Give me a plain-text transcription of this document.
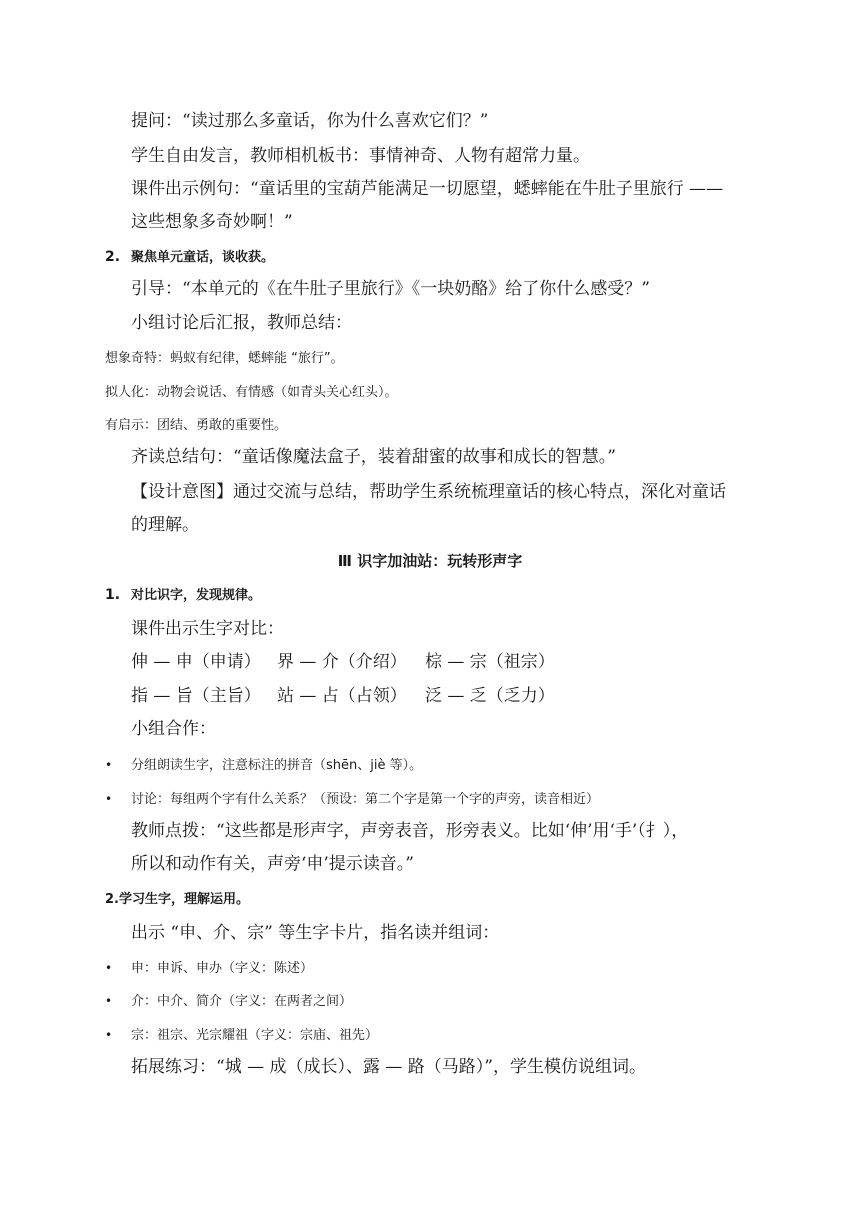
提问：“读过那么多童话，你为什么喜欢它们？”
学生自由发言，教师相机板书：事情神奇、人物有超常力量。
课件出示例句：“童话里的宝葫芦能满足一切愿望，蟋蟀能在牛肚子里旅行 ——
这些想象多奇妙啊！”
2. 聚焦单元童话，谈收获。
引导：“本单元的《在牛肚子里旅行》《一块奶酪》给了你什么感受？”
小组讨论后汇报，教师总结：
想象奇特：蚂蚁有纪律，蟋蟀能 “旅行”。
拟人化：动物会说话、有情感（如青头关心红头）。
有启示：团结、勇敢的重要性。
齐读总结句：“童话像魔法盒子，装着甜蜜的故事和成长的智慧。”
【设计意图】通过交流与总结，帮助学生系统梳理童话的核心特点，深化对童话
的理解。
Ⅲ 识字加油站：玩转形声字
1. 对比识字，发现规律。
课件出示生字对比：
伸 — 申（申请） 界 — 介（介绍） 棕 — 宗（祖宗）
指 — 旨（主旨） 站 — 占（占领） 泛 — 乏（乏力）
小组合作：
• 分组朗读生字，注意标注的拼音（shēn、jiè 等）。
• 讨论：每组两个字有什么关系？（预设：第二个字是第一个字的声旁，读音相近）
教师点拨：“这些都是形声字，声旁表音，形旁表义。比如‘伸’用‘手’（扌），
所以和动作有关，声旁‘申’提示读音。”
2.学习生字，理解运用。
出示 “申、介、宗” 等生字卡片，指名读并组词：
• 申：申诉、申办（字义：陈述）
• 介：中介、简介（字义：在两者之间）
• 宗：祖宗、光宗耀祖（字义：宗庙、祖先）
拓展练习：“城 — 成（成长）、露 — 路（马路）”，学生模仿说组词。
